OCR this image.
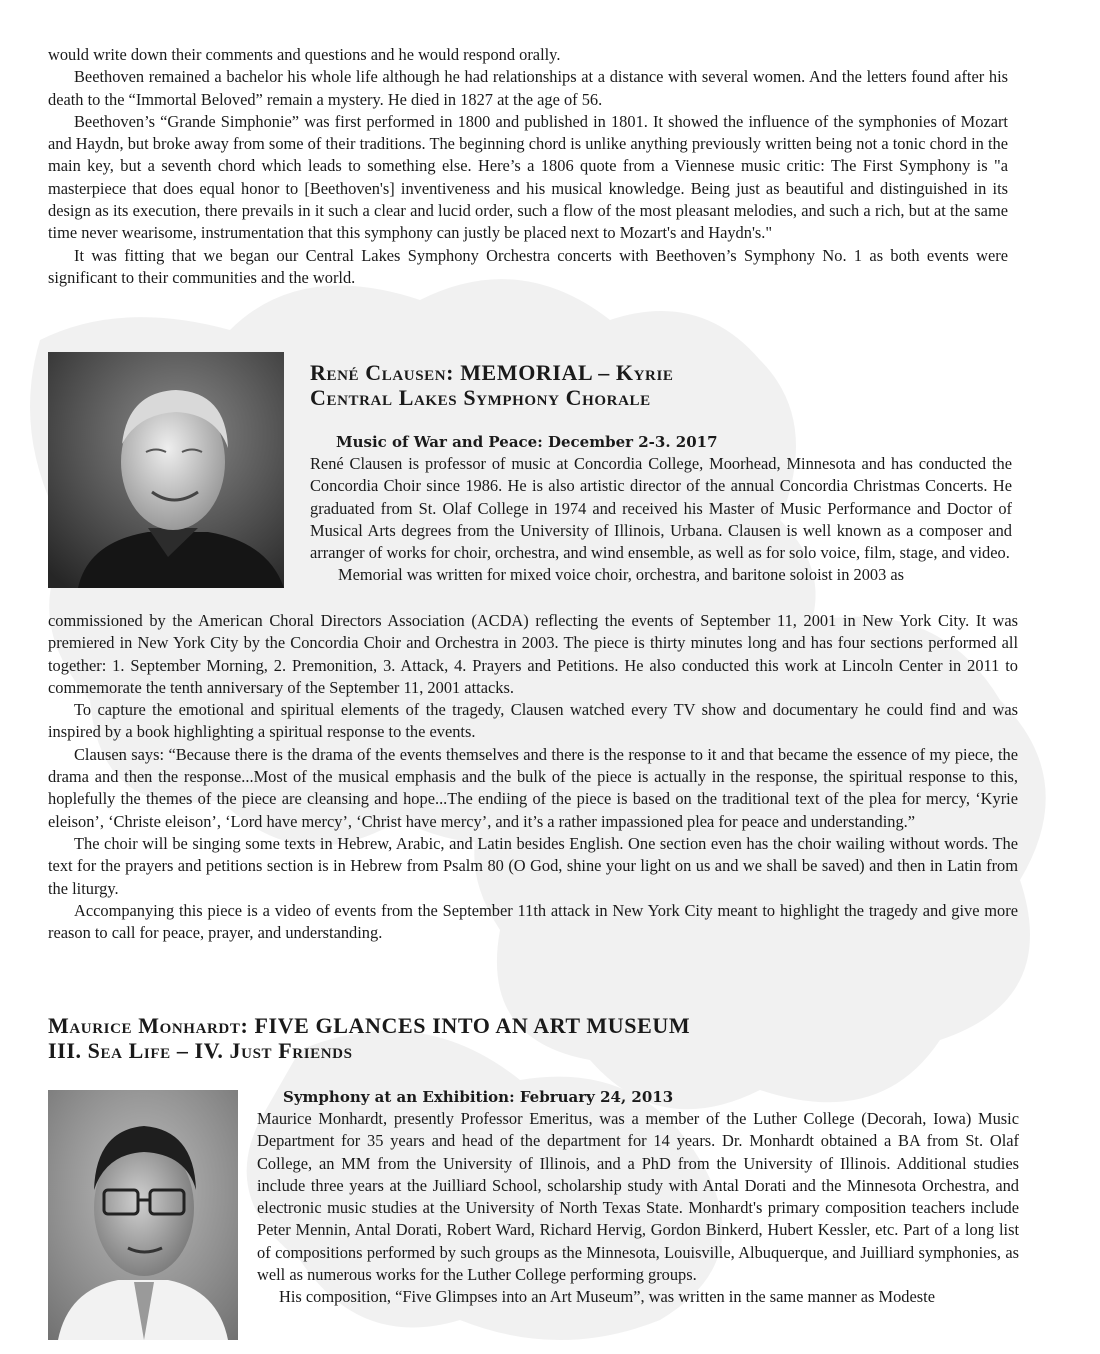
would write down their comments and questions and he would respond orally.

Beethoven remained a bachelor his whole life although he had relationships at a distance with several women. And the letters found after his death to the “Immortal Beloved” remain a mystery. He died in 1827 at the age of 56.

Beethoven’s “Grande Simphonie” was first performed in 1800 and published in 1801. It showed the influence of the symphonies of Mozart and Haydn, but broke away from some of their traditions. The beginning chord is unlike anything previously written being not a tonic chord in the main key, but a seventh chord which leads to something else. Here’s a 1806 quote from a Viennese music critic: The First Symphony is "a masterpiece that does equal honor to [Beethoven's] inventiveness and his musical knowledge. Being just as beautiful and distinguished in its design as its execution, there prevails in it such a clear and lucid order, such a flow of the most pleasant melodies, and such a rich, but at the same time never wearisome, instrumentation that this symphony can justly be placed next to Mozart's and Haydn's."

It was fitting that we began our Central Lakes Symphony Orchestra concerts with Beethoven’s Symphony No. 1 as both events were significant to their communities and the world.

René Clausen: MEMORIAL – Kyrie
Central Lakes Symphony Chorale

Music of War and Peace: December 2-3. 2017

René Clausen is professor of music at Concordia College, Moorhead, Minnesota and has conducted the Concordia Choir since 1986. He is also artistic director of the annual Concordia Christmas Concerts. He graduated from St. Olaf College in 1974 and received his Master of Music Performance and Doctor of Musical Arts degrees from the University of Illinois, Urbana. Clausen is well known as a composer and arranger of works for choir, orchestra, and wind ensemble, as well as for solo voice, film, stage, and video.

Memorial was written for mixed voice choir, orchestra, and baritone soloist in 2003 as

commissioned by the American Choral Directors Association (ACDA) reflecting the events of September 11, 2001 in New York City. It was premiered in New York City by the Concordia Choir and Orchestra in 2003. The piece is thirty minutes long and has four sections performed all together: 1. September Morning, 2. Premonition, 3. Attack, 4. Prayers and Petitions. He also conducted this work at Lincoln Center in 2011 to commemorate the tenth anniversary of the September 11, 2001 attacks.

To capture the emotional and spiritual elements of the tragedy, Clausen watched every TV show and documentary he could find and was inspired by a book highlighting a spiritual response to the events.

Clausen says: “Because there is the drama of the events themselves and there is the response to it and that became the essence of my piece, the drama and then the response...Most of the musical emphasis and the bulk of the piece is actually in the response, the spiritual response to this, hoplefully the themes of the piece are cleansing and hope...The endiing of the piece is based on the traditional text of the plea for mercy, ‘Kyrie eleison’, ‘Christe eleison’, ‘Lord have mercy’, ‘Christ have mercy’, and it’s a rather impassioned plea for peace and understanding.”

The choir will be singing some texts in Hebrew, Arabic, and Latin besides English. One section even has the choir wailing without words. The text for the prayers and petitions section is in Hebrew from Psalm 80 (O God, shine your light on us and we shall be saved) and then in Latin from the liturgy.

Accompanying this piece is a video of events from the September 11th attack in New York City meant to highlight the tragedy and give more reason to call for peace, prayer, and understanding.

Maurice Monhardt: FIVE GLANCES INTO AN ART MUSEUM
III. Sea Life – IV. Just Friends

Symphony at an Exhibition: February 24, 2013

Maurice Monhardt, presently Professor Emeritus, was a member of the Luther College (Decorah, Iowa) Music Department for 35 years and head of the department for 14 years. Dr. Monhardt obtained a BA from St. Olaf College, an MM from the University of Illinois, and a PhD from the University of Illinois. Additional studies include three years at the Juilliard School, scholarship study with Antal Dorati and the Minnesota Orchestra, and electronic music studies at the University of North Texas State. Monhardt's primary composition teachers include Peter Mennin, Antal Dorati, Robert Ward, Richard Hervig, Gordon Binkerd, Hubert Kessler, etc. Part of a long list of compositions performed by such groups as the Minnesota, Louisville, Albuquerque, and Juilliard symphonies, as well as numerous works for the Luther College performing groups.

His composition, “Five Glimpses into an Art Museum”, was written in the same manner as Modeste
